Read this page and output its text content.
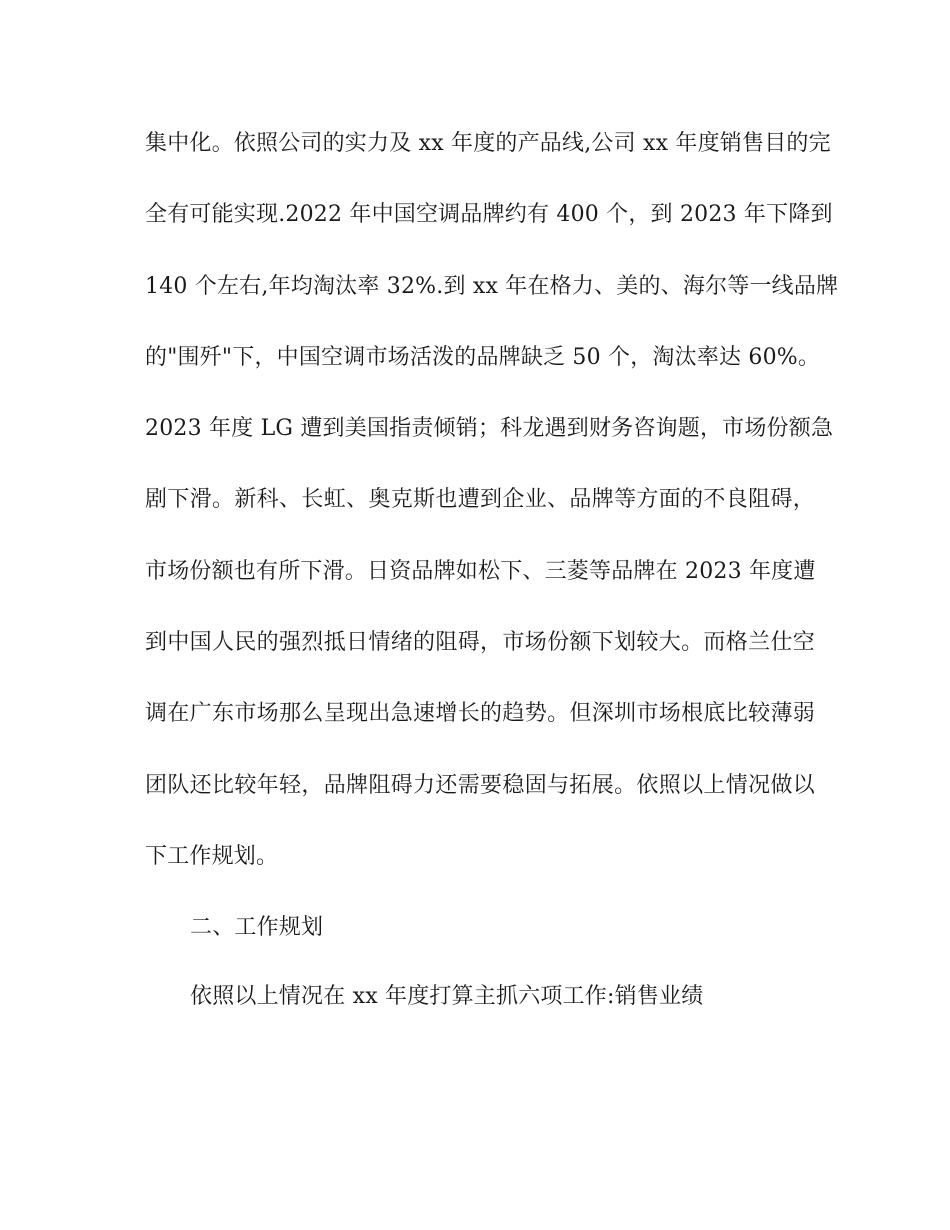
集中化。依照公司的实力及 xx 年度的产品线,公司 xx 年度销售目的完
全有可能实现.2022 年中国空调品牌约有 400 个，到 2023 年下降到
140 个左右,年均淘汰率 32%.到 xx 年在格力、美的、海尔等一线品牌
的"围歼"下，中国空调市场活泼的品牌缺乏 50 个，淘汰率达 60%。
2023 年度 LG 遭到美国指责倾销；科龙遇到财务咨询题，市场份额急
剧下滑。新科、长虹、奥克斯也遭到企业、品牌等方面的不良阻碍，
市场份额也有所下滑。日资品牌如松下、三菱等品牌在 2023 年度遭
到中国人民的强烈抵日情绪的阻碍，市场份额下划较大。而格兰仕空
调在广东市场那么呈现出急速增长的趋势。但深圳市场根底比较薄弱
团队还比较年轻，品牌阻碍力还需要稳固与拓展。依照以上情况做以
下工作规划。
二、工作规划
依照以上情况在 xx 年度打算主抓六项工作:销售业绩
